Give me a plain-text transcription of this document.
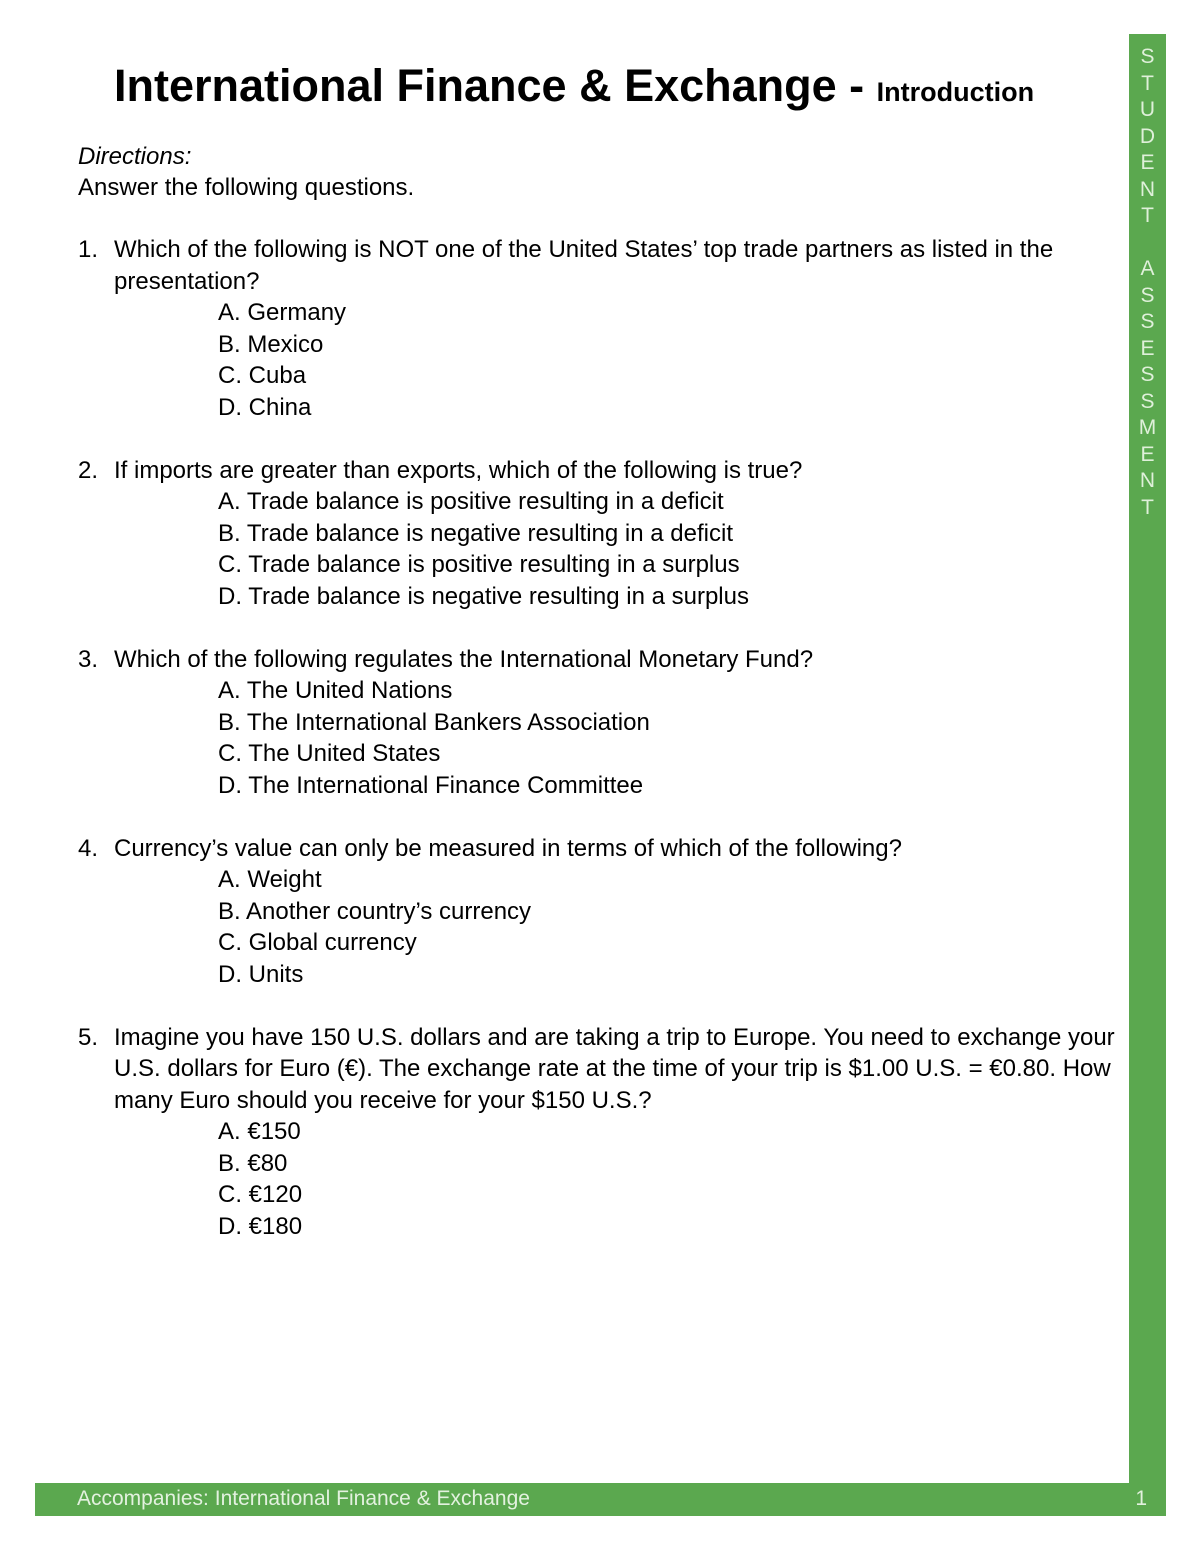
S
T
U
D
E
N
T

A
S
S
E
S
S
M
E
N
T
Accompanies: International Finance & Exchange	1
International Finance & Exchange - Introduction
Directions:
Answer the following questions.
1. Which of the following is NOT one of the United States’ top trade partners as listed in the presentation?
A. Germany
B. Mexico
C. Cuba
D. China
2. If imports are greater than exports, which of the following is true?
A. Trade balance is positive resulting in a deficit
B. Trade balance is negative resulting in a deficit
C. Trade balance is positive resulting in a surplus
D. Trade balance is negative resulting in a surplus
3. Which of the following regulates the International Monetary Fund?
A. The United Nations
B. The International Bankers Association
C. The United States
D. The International Finance Committee
4. Currency’s value can only be measured in terms of which of the following?
A. Weight
B. Another country’s currency
C. Global currency
D. Units
5. Imagine you have 150 U.S. dollars and are taking a trip to Europe. You need to exchange your U.S. dollars for Euro (€). The exchange rate at the time of your trip is $1.00 U.S. = €0.80. How many Euro should you receive for your $150 U.S.?
A. €150
B. €80
C. €120
D. €180
